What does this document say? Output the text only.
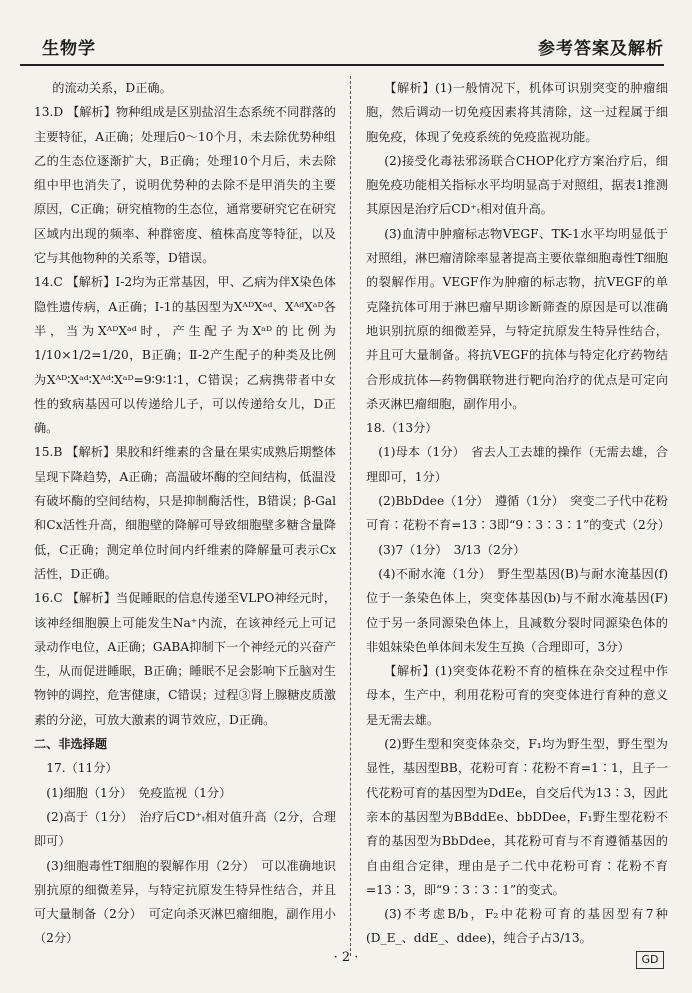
生物学	参考答案及解析

的流动关系，D正确。

13.D 【解析】物种组成是区别盐沼生态系统不同群落的主要特征，A正确；处理后0～10个月，未去除优势种组乙的生态位逐渐扩大，B正确；处理10个月后，未去除组中甲也消失了，说明优势种的去除不是甲消失的主要原因，C正确；研究植物的生态位，通常要研究它在研究区域内出现的频率、种群密度、植株高度等特征，以及它与其他物种的关系等，D错误。

14.C 【解析】Ⅰ-2均为正常基因，甲、乙病为伴X染色体隐性遗传病，A正确；Ⅰ-1的基因型为XᴬᴰXᵃᵈ、XᴬᵈXᵃᴰ各半，当为XᴬᴰXᵃᵈ时，产生配子为Xᵃᴰ的比例为1/10×1/2=1/20，B正确；Ⅱ-2产生配子的种类及比例为Xᴬᴰ∶Xᵃᵈ∶Xᴬᵈ∶Xᵃᴰ=9∶9∶1∶1，C错误；乙病携带者中女性的致病基因可以传递给儿子，可以传递给女儿，D正确。

15.B 【解析】果胶和纤维素的含量在果实成熟后期整体呈现下降趋势，A正确；高温破坏酶的空间结构，低温没有破坏酶的空间结构，只是抑制酶活性，B错误；β-Gal和Cx活性升高，细胞壁的降解可导致细胞壁多糖含量降低，C正确；测定单位时间内纤维素的降解量可表示Cx活性，D正确。

16.C 【解析】当促睡眠的信息传递至VLPO神经元时，该神经细胞膜上可能发生Na⁺内流，在该神经元上可记录动作电位，A正确；GABA抑制下一个神经元的兴奋产生，从而促进睡眠，B正确；睡眠不足会影响下丘脑对生物钟的调控，危害健康，C错误；过程③肾上腺糖皮质激素的分泌，可放大激素的调节效应，D正确。

二、非选择题

17.（11分）

(1)细胞（1分）　免疫监视（1分）

(2)高于（1分）　治疗后CD⁺ₜ相对值升高（2分，合理即可）

(3)细胞毒性T细胞的裂解作用（2分）　可以准确地识别抗原的细微差异，与特定抗原发生特异性结合，并且可大量制备（2分）　可定向杀灭淋巴瘤细胞，副作用小（2分）

【解析】(1)一般情况下，机体可识别突变的肿瘤细胞，然后调动一切免疫因素将其清除，这一过程属于细胞免疫，体现了免疫系统的免疫监视功能。

(2)接受化毒祛邪汤联合CHOP化疗方案治疗后，细胞免疫功能相关指标水平均明显高于对照组，据表1推测其原因是治疗后CD⁺ₜ相对值升高。

(3)血清中肿瘤标志物VEGF、TK-1水平均明显低于对照组，淋巴瘤清除率显著提高主要依靠细胞毒性T细胞的裂解作用。VEGF作为肿瘤的标志物，抗VEGF的单克隆抗体可用于淋巴瘤早期诊断筛查的原因是可以准确地识别抗原的细微差异，与特定抗原发生特异性结合，并且可大量制备。将抗VEGF的抗体与特定化疗药物结合形成抗体—药物偶联物进行靶向治疗的优点是可定向杀灭淋巴瘤细胞，副作用小。

18.（13分）

(1)母本（1分）　省去人工去雄的操作（无需去雄，合理即可，1分）

(2)BbDdee（1分）　遵循（1分）　突变二子代中花粉可育∶花粉不育=13∶3即“9∶3∶3∶1”的变式（2分）

(3)7（1分）　3/13（2分）

(4)不耐水淹（1分）　野生型基因(B)与耐水淹基因(f)位于一条染色体上，突变体基因(b)与不耐水淹基因(F)位于另一条同源染色体上，且减数分裂时同源染色体的非姐妹染色单体间未发生互换（合理即可，3分）

【解析】(1)突变体花粉不育的植株在杂交过程中作母本，生产中，利用花粉可育的突变体进行育种的意义是无需去雄。

(2)野生型和突变体杂交，F₁均为野生型，野生型为显性，基因型BB，花粉可育∶花粉不育=1∶1，且子一代花粉可育的基因型为DdEe，自交后代为13∶3，因此亲本的基因型为BBddEe、bbDDee，F₁野生型花粉不育的基因型为BbDdee，其花粉可育与不育遵循基因的自由组合定律，理由是子二代中花粉可育∶花粉不育=13∶3，即“9∶3∶3∶1”的变式。

(3)不考虑B/b，F₂中花粉可育的基因型有7种(D_E_、ddE_、ddee)，纯合子占3/13。

· 2 ·	GD
